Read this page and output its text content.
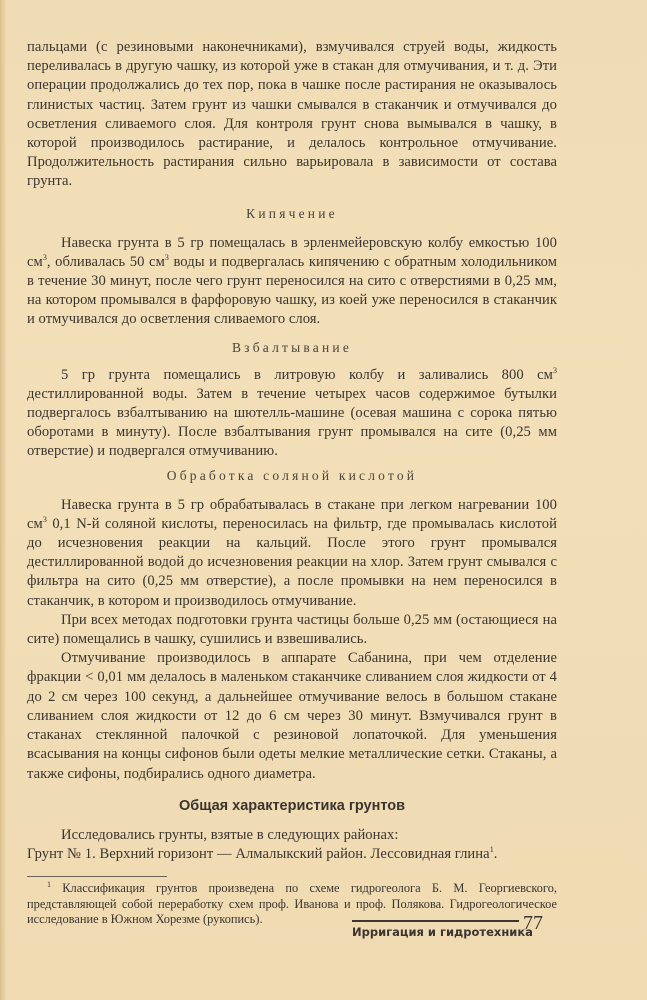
пальцами (с резиновыми наконечниками), взмучивался струей воды, жидкость переливалась в другую чашку, из которой уже в стакан для отмучивания, и т. д. Эти операции продолжались до тех пор, пока в чашке после растирания не оказывалось глинистых частиц. Затем грунт из чашки смывался в стаканчик и отмучивался до осветления сливаемого слоя. Для контроля грунт снова вымывался в чашку, в которой производилось растирание, и делалось контрольное отмучивание. Продолжительность растирания сильно варьировала в зависимости от состава грунта.

Кипячение

Навеска грунта в 5 гр помещалась в эрленмейеровскую колбу емкостью 100 $см^3$, обливалась 50 $см^3$ воды и подвергалась кипячению с обратным холодильником в течение 30 минут, после чего грунт переносился на сито с отверстиями в 0,25 мм, на котором промывался в фарфоровую чашку, из коей уже переносился в стаканчик и отмучивался до осветления сливаемого слоя.

Взбалтывание

5 гр грунта помещались в литровую колбу и заливались 800 $см^3$ дестиллированной воды. Затем в течение четырех часов содержимое бутылки подвергалось взбалтыванию на шютелль-машине (осевая машина с сорока пятью оборотами в минуту). После взбалтывания грунт промывался на сите (0,25 мм отверстие) и подвергался отмучиванию.

Обработка соляной кислотой

Навеска грунта в 5 гр обрабатывалась в стакане при легком нагревании 100 $см^3$ 0,1 N-й соляной кислоты, переносилась на фильтр, где промывалась кислотой до исчезновения реакции на кальций. После этого грунт промывался дестиллированной водой до исчезновения реакции на хлор. Затем грунт смывался с фильтра на сито (0,25 мм отверстие), а после промывки на нем переносился в стаканчик, в котором и производилось отмучивание.

При всех методах подготовки грунта частицы больше 0,25 мм (остающиеся на сите) помещались в чашку, сушились и взвешивались.

Отмучивание производилось в аппарате Сабанина, при чем отделение фракции < 0,01 мм делалось в маленьком стаканчике сливанием слоя жидкости от 4 до 2 см через 100 секунд, а дальнейшее отмучивание велось в большом стакане сливанием слоя жидкости от 12 до 6 см через 30 минут. Взмучивался грунт в стаканах стеклянной палочкой с резиновой лопаточкой. Для уменьшения всасывания на концы сифонов были одеты мелкие металлические сетки. Стаканы, а также сифоны, подбирались одного диаметра.

Общая характеристика грунтов

Исследовались грунты, взятые в следующих районах:

Грунт № 1. Верхний горизонт — Алмалыкский район. Лессовидная глина$^1$.

$^1$ Классификация грунтов произведена по схеме гидрогеолога Б. М. Георгиевского, представляющей собой переработку схем проф. Иванова и проф. Полякова. Гидрогеологическое исследование в Южном Хорезме (рукопись).

Ирригация и гидротехника
77
